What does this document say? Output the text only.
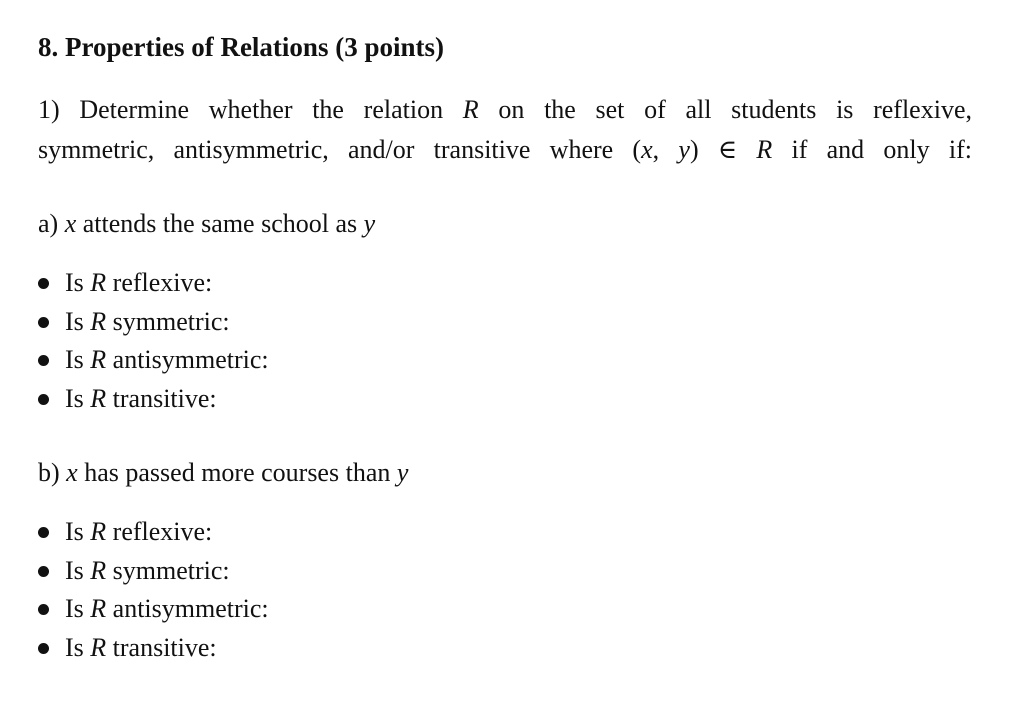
8. Properties of Relations (3 points)
1) Determine whether the relation R on the set of all students is reflexive,
symmetric, antisymmetric, and/or transitive where (x, y) ∈ R if and only if:
a) x attends the same school as y
Is R reflexive:
Is R symmetric:
Is R antisymmetric:
Is R transitive:
b) x has passed more courses than y
Is R reflexive:
Is R symmetric:
Is R antisymmetric:
Is R transitive:
